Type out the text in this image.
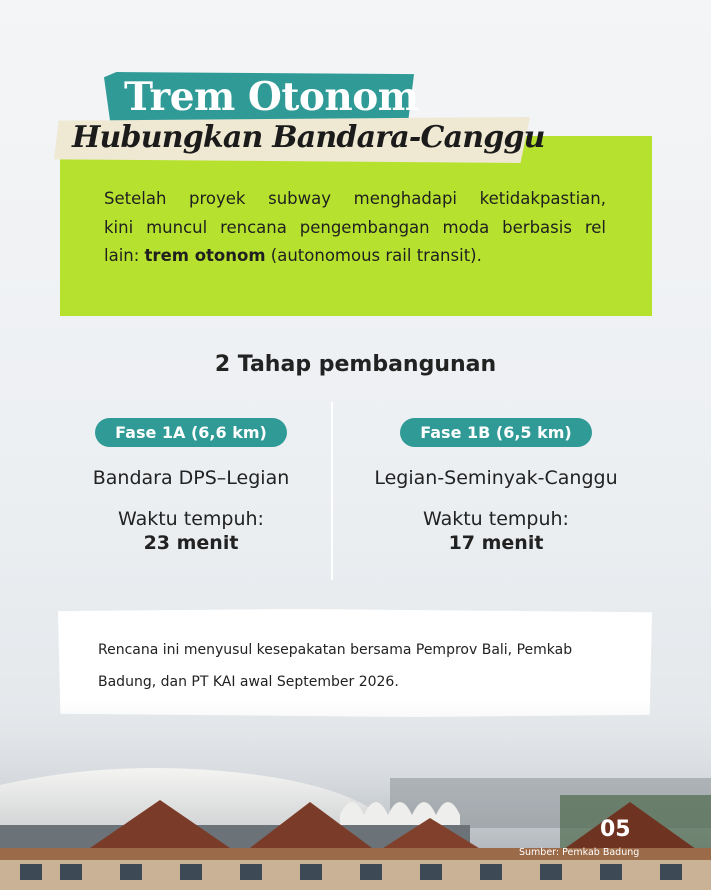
Trem Otonom
Hubungkan Bandara-Canggu
Setelah proyek subway menghadapi ketidakpastian,
kini muncul rencana pengembangan moda berbasis rel
lain: trem otonom (autonomous rail transit).
2 Tahap pembangunan
Fase 1A (6,6 km)
Bandara DPS–Legian
Waktu tempuh:
23 menit
Fase 1B (6,5 km)
Legian-Seminyak-Canggu
Waktu tempuh:
17 menit
Rencana ini menyusul kesepakatan bersama Pemprov Bali, Pemkab
Badung, dan PT KAI awal September 2026.
05
Sumber: Pemkab Badung
